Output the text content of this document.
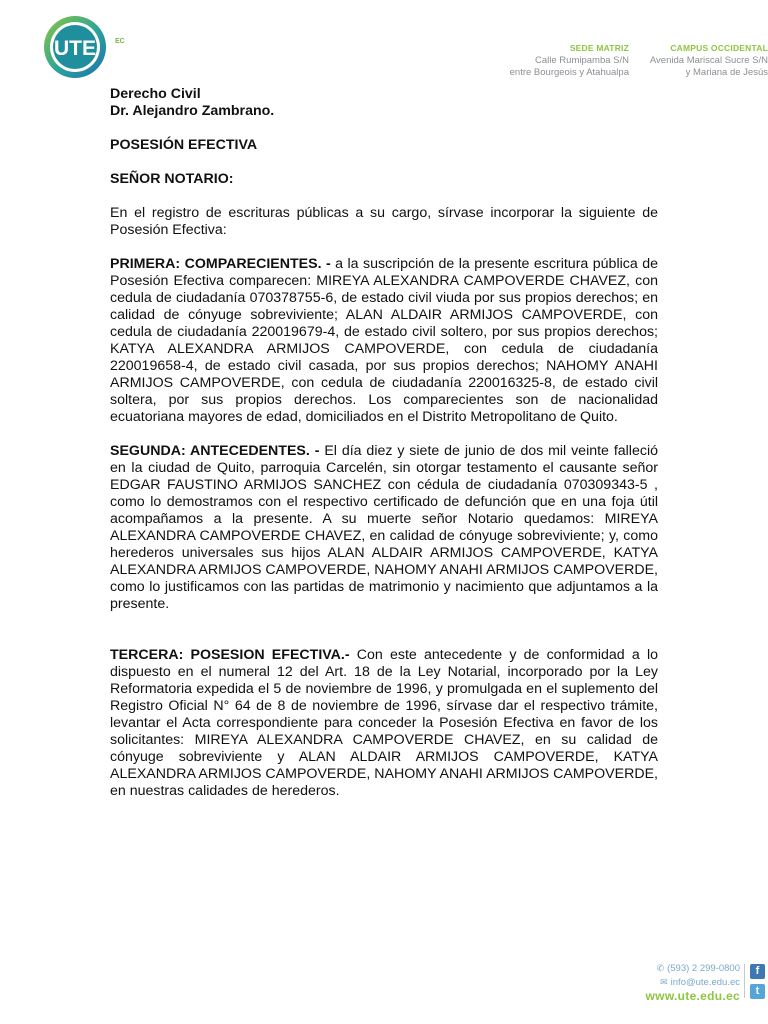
UTE	EC
SEDE MATRIZ
Calle Rumipamba S/N
entre Bourgeois y Atahualpa
CAMPUS OCCIDENTAL
Avenida Mariscal Sucre S/N
y Mariana de Jesús

Derecho Civil

Dr. Alejandro Zambrano.

POSESIÓN EFECTIVA

SEÑOR NOTARIO:

En el registro de escrituras públicas a su cargo, sírvase incorporar la siguiente de Posesión Efectiva:

PRIMERA: COMPARECIENTES. - a la suscripción de la presente escritura pública de Posesión Efectiva comparecen: MIREYA ALEXANDRA CAMPOVERDE CHAVEZ, con cedula de ciudadanía 070378755-6, de estado civil viuda por sus propios derechos; en calidad de cónyuge sobreviviente; ALAN ALDAIR ARMIJOS CAMPOVERDE, con cedula de ciudadanía 220019679-4, de estado civil soltero, por sus propios derechos; KATYA ALEXANDRA ARMIJOS CAMPOVERDE, con cedula de ciudadanía 220019658-4, de estado civil casada, por sus propios derechos; NAHOMY ANAHI ARMIJOS CAMPOVERDE, con cedula de ciudadanía 220016325-8, de estado civil soltera, por sus propios derechos. Los comparecientes son de nacionalidad ecuatoriana mayores de edad, domiciliados en el Distrito Metropolitano de Quito.

SEGUNDA: ANTECEDENTES. - El día diez y siete de junio de dos mil veinte falleció en la ciudad de Quito, parroquia Carcelén, sin otorgar testamento el causante señor EDGAR FAUSTINO ARMIJOS SANCHEZ con cédula de ciudadanía 070309343-5 , como lo demostramos con el respectivo certificado de defunción que en una foja útil acompañamos a la presente. A su muerte señor Notario quedamos: MIREYA ALEXANDRA CAMPOVERDE CHAVEZ, en calidad de cónyuge sobreviviente; y, como herederos universales sus hijos ALAN ALDAIR ARMIJOS CAMPOVERDE, KATYA ALEXANDRA ARMIJOS CAMPOVERDE, NAHOMY ANAHI ARMIJOS CAMPOVERDE, como lo justificamos con las partidas de matrimonio y nacimiento que adjuntamos a la presente.

TERCERA: POSESION EFECTIVA.- Con este antecedente y de conformidad a lo dispuesto en el numeral 12 del Art. 18 de la Ley Notarial, incorporado por la Ley Reformatoria expedida el 5 de noviembre de 1996, y promulgada en el suplemento del Registro Oficial N° 64 de 8 de noviembre de 1996, sírvase dar el respectivo trámite, levantar el Acta correspondiente para conceder la Posesión Efectiva en favor de los solicitantes: MIREYA ALEXANDRA CAMPOVERDE CHAVEZ, en su calidad de cónyuge sobreviviente y ALAN ALDAIR ARMIJOS CAMPOVERDE, KATYA ALEXANDRA ARMIJOS CAMPOVERDE, NAHOMY ANAHI ARMIJOS CAMPOVERDE, en nuestras calidades de herederos.

✆ (593) 2 299-0800
✉ info@ute.edu.ec
www.ute.edu.ec
f
t
